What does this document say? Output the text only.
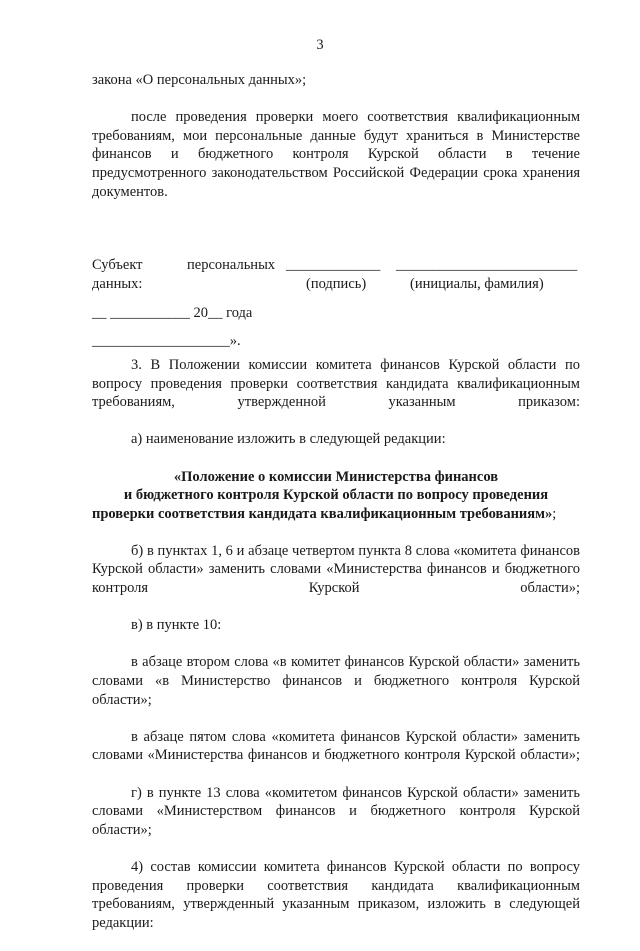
3

закона «О персональных данных»;

после проведения проверки моего соответствия квалификационным требованиям, мои персональные данные будут храниться в Министерстве финансов и бюджетного контроля Курской области в течение предусмотренного законодательством Российской Федерации срока хранения документов.

Субъект	персональных _____________ _________________________
данных:	(подпись)	(инициалы, фамилия)

__ ___________ 20__ года

___________________».

3. В Положении комиссии комитета финансов Курской области по вопросу проведения проверки соответствия кандидата квалификационным требованиям, утвержденной указанным приказом:

а) наименование изложить в следующей редакции:

«Положение о комиссии Министерства финансов

и бюджетного контроля Курской области по вопросу проведения

проверки соответствия кандидата квалификационным требованиям»;

б) в пунктах 1, 6 и абзаце четвертом пункта 8 слова «комитета финансов Курской области» заменить словами «Министерства финансов и бюджетного контроля Курской области»;

в) в пункте 10:

в абзаце втором слова «в комитет финансов Курской области» заменить словами «в Министерство финансов и бюджетного контроля Курской области»;

в абзаце пятом слова «комитета финансов Курской области» заменить словами «Министерства финансов и бюджетного контроля Курской области»;

г) в пункте 13 слова «комитетом финансов Курской области» заменить словами «Министерством финансов и бюджетного контроля Курской области»;

4) состав комиссии комитета финансов Курской области по вопросу проведения проверки соответствия кандидата квалификационным требованиям, утвержденный указанным приказом, изложить в следующей редакции:
